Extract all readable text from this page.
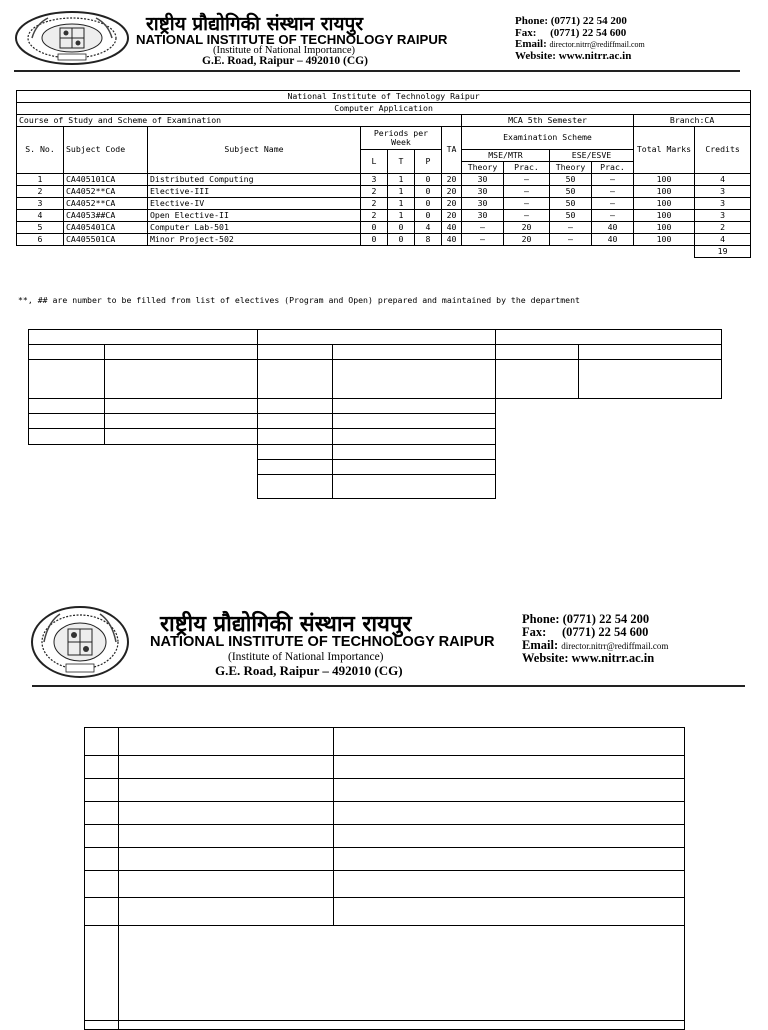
राष्ट्रीय प्रौद्योगिकी संस्थान रायपुर
NATIONAL INSTITUTE OF TECHNOLOGY RAIPUR
(Institute of National Importance)
G.E. Road, Raipur – 492010 (CG)
Phone: (0771) 22 54 200
Fax: (0771) 22 54 600
Email: director.nitrr@rediffmail.com
Website: www.nitrr.ac.in
National Institute of Technology Raipur												
Computer Application												
Course of Study and Scheme of Examination							MCA 5th Semester				Branch:CA	
S. No.	Subject Code	Subject Name	Periods per Week			TA	Examination Scheme				Total Marks	Credits
			L	T	P		MSE/MTR		ESE/ESVE			
							Theory	Prac.	Theory	Prac.		
1	CA405101CA	Distributed Computing	3	1	0	20	30	–	50	–	100	4
2	CA4052**CA	Elective-III	2	1	0	20	30	–	50	–	100	3
3	CA4052**CA	Elective-IV	2	1	0	20	30	–	50	–	100	3
4	CA4053##CA	Open Elective-II	2	1	0	20	30	–	50	–	100	3
5	CA405401CA	Computer Lab-501	0	0	4	40	–	20	–	40	100	2
6	CA405501CA	Minor Project-502	0	0	8	40	–	20	–	40	100	4
												19
**, ## are number to be filled from list of electives (Program and Open) prepared and maintained by the department
राष्ट्रीय प्रौद्योगिकी संस्थान रायपुर
NATIONAL INSTITUTE OF TECHNOLOGY RAIPUR
(Institute of National Importance)
G.E. Road, Raipur – 492010 (CG)
Phone: (0771) 22 54 200
Fax: (0771) 22 54 600
Email: director.nitrr@rediffmail.com
Website: www.nitrr.ac.in
